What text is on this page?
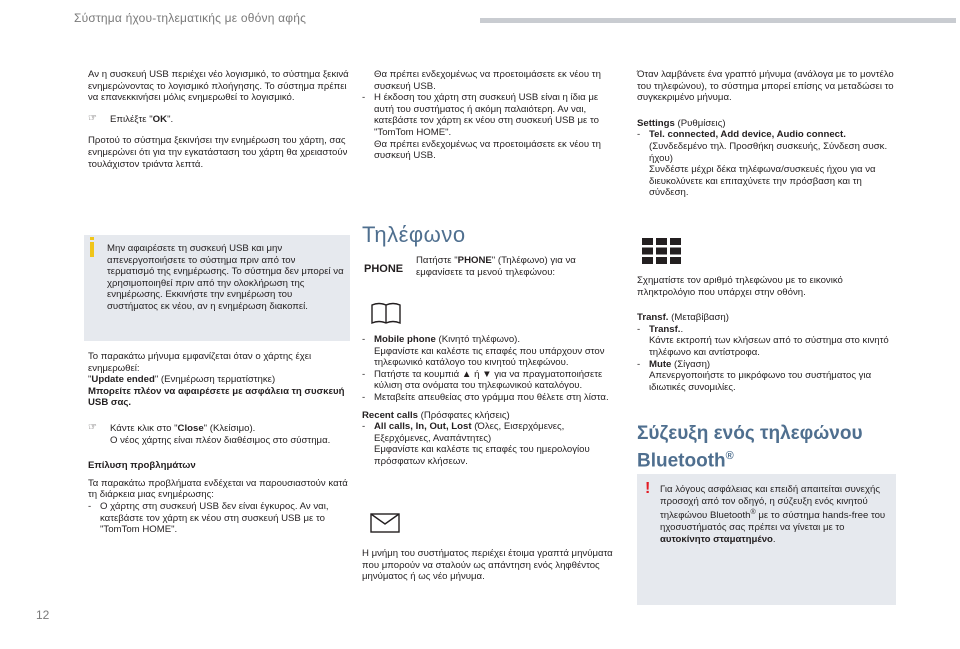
Σύστημα ήχου-τηλεματικής με οθόνη αφής

Αν η συσκευή USB περιέχει νέο λογισμικό, το σύστημα ξεκινά ενημερώνοντας το λογισμικό πλοήγησης. Το σύστημα πρέπει να επανεκκινήσει μόλις ενημερωθεί το λογισμικό.

☞ Επιλέξτε "OK".

Προτού το σύστημα ξεκινήσει την ενημέρωση του χάρτη, σας ενημερώνει ότι για την εγκατάσταση του χάρτη θα χρειαστούν τουλάχιστον τριάντα λεπτά.

Μην αφαιρέσετε τη συσκευή USB και μην απενεργοποιήσετε το σύστημα πριν από τον τερματισμό της ενημέρωσης. Το σύστημα δεν μπορεί να χρησιμοποιηθεί πριν από την ολοκλήρωση της ενημέρωσης. Εκκινήστε την ενημέρωση του συστήματος εκ νέου, αν η ενημέρωση διακοπεί.

Το παρακάτω μήνυμα εμφανίζεται όταν ο χάρτης έχει ενημερωθεί:

"Update ended" (Ενημέρωση τερματίστηκε)

Μπορείτε πλέον να αφαιρέσετε με ασφάλεια τη συσκευή USB σας.

☞ Κάντε κλικ στο "Close" (Κλείσιμο).

Ο νέος χάρτης είναι πλέον διαθέσιμος στο σύστημα.

Επίλυση προβλημάτων

Τα παρακάτω προβλήματα ενδέχεται να παρουσιαστούν κατά τη διάρκεια μιας ενημέρωσης:

- Ο χάρτης στη συσκευή USB δεν είναι έγκυρος. Αν ναι, κατεβάστε τον χάρτη εκ νέου στη συσκευή USB με το "TomTom HOME".

Θα πρέπει ενδεχομένως να προετοιμάσετε εκ νέου τη συσκευή USB.

- Η έκδοση του χάρτη στη συσκευή USB είναι η ίδια με αυτή του συστήματος ή ακόμη παλαιότερη. Αν ναι, κατεβάστε τον χάρτη εκ νέου στη συσκευή USB με το "TomTom HOME".

Θα πρέπει ενδεχομένως να προετοιμάσετε εκ νέου τη συσκευή USB.

Τηλέφωνο
PHONE
Πατήστε "PHONE" (Τηλέφωνο) για να εμφανίσετε τα μενού τηλεφώνου:

- Mobile phone (Κινητό τηλέφωνο).

Εμφανίστε και καλέστε τις επαφές που υπάρχουν στον τηλεφωνικό κατάλογο του κινητού τηλεφώνου.

- Πατήστε τα κουμπιά ▲ ή ▼ για να πραγματοποιήσετε κύλιση στα ονόματα του τηλεφωνικού καταλόγου.

- Μεταβείτε απευθείας στο γράμμα που θέλετε στη λίστα.

Recent calls (Πρόσφατες κλήσεις)

- All calls, In, Out, Lost (Όλες, Εισερχόμενες, Εξερχόμενες, Αναπάντητες)

Εμφανίστε και καλέστε τις επαφές του ημερολογίου πρόσφατων κλήσεων.

Η μνήμη του συστήματος περιέχει έτοιμα γραπτά μηνύματα που μπορούν να σταλούν ως απάντηση ενός ληφθέντος μηνύματος ή ως νέο μήνυμα.

Όταν λαμβάνετε ένα γραπτό μήνυμα (ανάλογα με το μοντέλο του τηλεφώνου), το σύστημα μπορεί επίσης να μεταδώσει το συγκεκριμένο μήνυμα.

Settings (Ρυθμίσεις)

- Tel. connected, Add device, Audio connect.

(Συνδεδεμένο τηλ. Προσθήκη συσκευής, Σύνδεση συσκ. ήχου)

Συνδέστε μέχρι δέκα τηλέφωνα/συσκευές ήχου για να διευκολύνετε και επιταχύνετε την πρόσβαση και τη σύνδεση.

Σχηματίστε τον αριθμό τηλεφώνου με το εικονικό πληκτρολόγιο που υπάρχει στην οθόνη.

Transf. (Μεταβίβαση)

- Transf..

Κάντε εκτροπή των κλήσεων από το σύστημα στο κινητό τηλέφωνο και αντίστροφα.

- Mute (Σίγαση)

Απενεργοποιήστε το μικρόφωνο του συστήματος για ιδιωτικές συνομιλίες.

Σύζευξη ενός τηλεφώνου
Bluetooth®
! Για λόγους ασφάλειας και επειδή απαιτείται συνεχής προσοχή από τον οδηγό, η σύζευξη ενός κινητού τηλεφώνου Bluetooth® με το σύστημα hands-free του ηχοσυστήματός σας πρέπει να γίνεται με το αυτοκίνητο σταματημένο.
12
